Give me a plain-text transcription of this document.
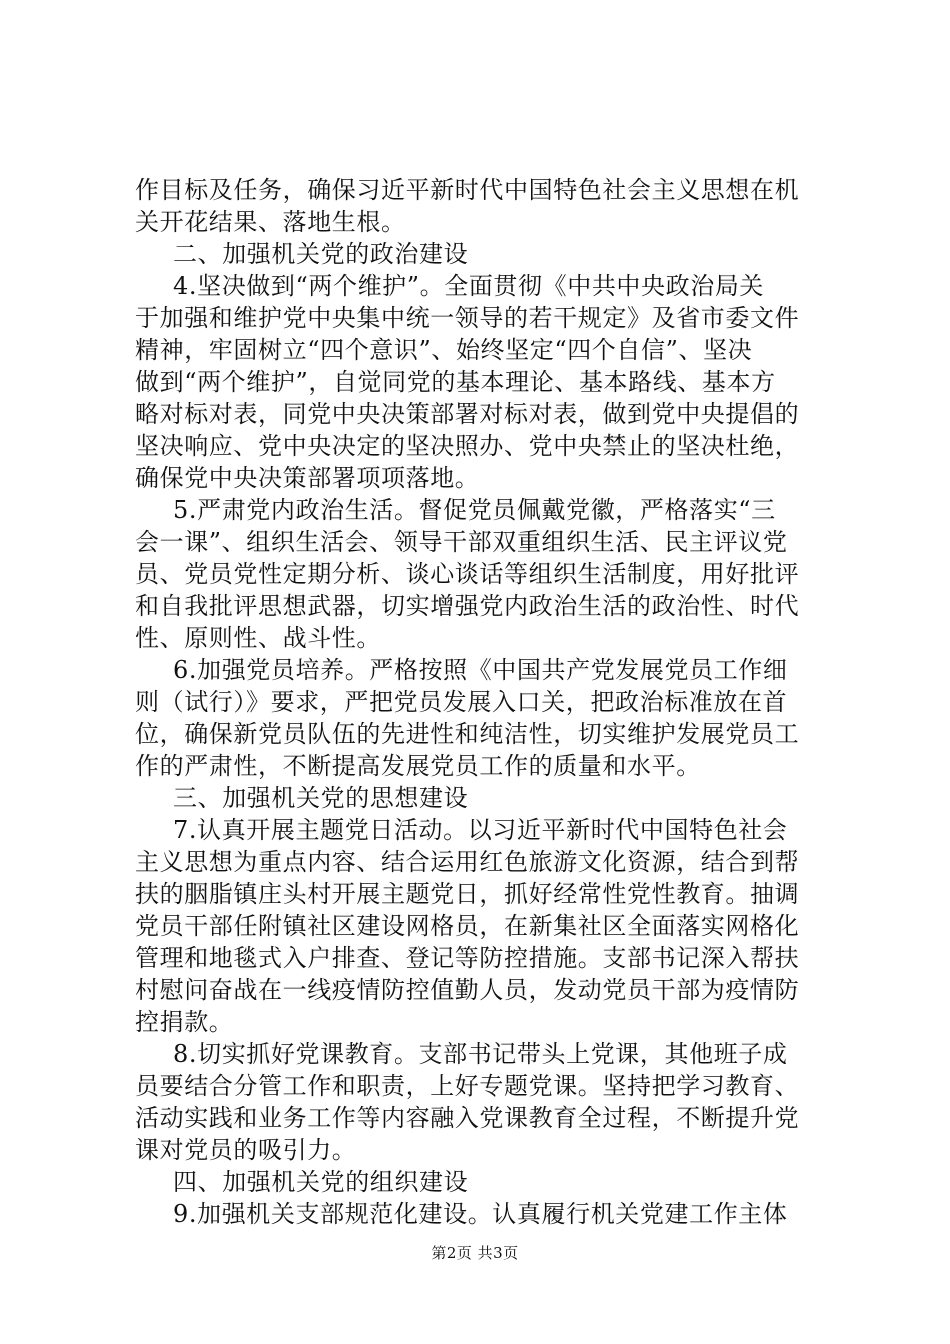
作目标及任务，确保习近平新时代中国特色社会主义思想在机
关开花结果、落地生根。
二、加强机关党的政治建设
4.坚决做到“两个维护”。全面贯彻《中共中央政治局关
于加强和维护党中央集中统一领导的若干规定》及省市委文件
精神，牢固树立“四个意识”、始终坚定“四个自信”、坚决
做到“两个维护”，自觉同党的基本理论、基本路线、基本方
略对标对表，同党中央决策部署对标对表，做到党中央提倡的
坚决响应、党中央决定的坚决照办、党中央禁止的坚决杜绝，
确保党中央决策部署项项落地。
5.严肃党内政治生活。督促党员佩戴党徽，严格落实“三
会一课”、组织生活会、领导干部双重组织生活、民主评议党
员、党员党性定期分析、谈心谈话等组织生活制度，用好批评
和自我批评思想武器，切实增强党内政治生活的政治性、时代
性、原则性、战斗性。
6.加强党员培养。严格按照《中国共产党发展党员工作细
则（试行）》要求，严把党员发展入口关，把政治标准放在首
位，确保新党员队伍的先进性和纯洁性，切实维护发展党员工
作的严肃性，不断提高发展党员工作的质量和水平。
三、加强机关党的思想建设
7.认真开展主题党日活动。以习近平新时代中国特色社会
主义思想为重点内容、结合运用红色旅游文化资源，结合到帮
扶的胭脂镇庄头村开展主题党日，抓好经常性党性教育。抽调
党员干部任附镇社区建设网格员，在新集社区全面落实网格化
管理和地毯式入户排查、登记等防控措施。支部书记深入帮扶
村慰问奋战在一线疫情防控值勤人员，发动党员干部为疫情防
控捐款。
8.切实抓好党课教育。支部书记带头上党课，其他班子成
员要结合分管工作和职责，上好专题党课。坚持把学习教育、
活动实践和业务工作等内容融入党课教育全过程，不断提升党
课对党员的吸引力。
四、加强机关党的组织建设
9.加强机关支部规范化建设。认真履行机关党建工作主体
第2页 共3页
